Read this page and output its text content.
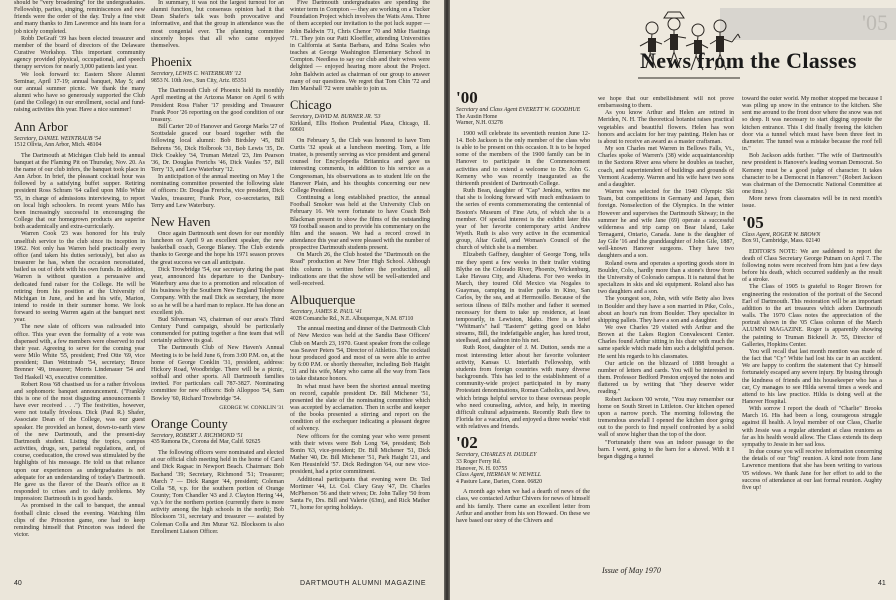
should be "very broadening" for the undergraduates. Fellowship, parties, singing, reminiscences and new friends were the order of the day. Truly a fine visit and many thanks to Jim Lawrence and his team for a job nicely completed.

Robb DeGraff '39 has been elected treasurer and member of the board of directors of the Delaware Curative Workshop. This important community agency provided physical, occupational, and speech therapy services for nearly 3,000 patients last year.

We look forward to: Eastern Shore Alumni Seminar, April 17-19; annual banquet, May 5; and our annual summer picnic. We thank the many alumni who have so generously supported the Club (and the College) in our enrollment, social and fund-raising activities this year. Have a nice summer!

Ann Arbor
Secretary, DANIEL WEINTRAUB '54
1512 Olivia, Ann Arbor, Mich. 48104

The Dartmouth at Michigan Club held its annual banquet at the Flaming Pit on Thursday, Nov. 20. As the name of our club infers, the banquet took place in Ann Arbor. In brief, the pleasant cocktail hour was followed by a satisfying buffet supper. Retiring president Ross Schram '64 called upon Milo White '55, in charge of admissions interviewing, to report on local high schoolers. In recent years Milo has been increasingly successful in encouraging the College that our homegrown products are superior both academically and extra-curricularly.

Warren Cook '23 was honored for his truly unselfish service to the club since its inception in 1962. Not only has Warren held practically every office (and taken his duties seriously), but also as treasurer he has, when the occasion necessitated, bailed us out of debt with his own funds. In addition, Warren is without question a persuasive and dedicated fund raiser for the College. He will be retiring from his position at the University of Michigan in June, and he and his wife, Marion, intend to reside in their summer home. We look forward to seeing Warren again at the banquet next year.

The new slate of officers was railroaded into office. This year even the formality of a vote was dispensed with, a few members were observed to nod their year. Agreeing to serve for the coming year were Milo White '55, president; Fred Otte '69, vice president; Dan Weintraub '54, secretary; Bruce Brenner '49, treasurer; Morris Lindenauer '54 and Ted Haskell '43, executive committee.

Robert Ross '68 chastised us for a rather frivolous and sophomoric banquet announcement. ("Frankly this is one of the most disgusting announcements I have ever received . . .") The festivities, however, were not totally frivolous. Dick (Paul R.) Shafer, Associate Dean of the College, was our guest speaker. He provided an honest, down-to-earth view of the new Dartmouth, and the present-day Dartmouth student. Listing the topics, campus activities, drugs, sex, parietal regulations, and, of course, coeducation, the crowd was stimulated by the highlights of his message. He told us that reliance upon our experiences as undergraduates is not adequate for an understanding of today's Dartmouth. He gave us the flavor of the Dean's office as it responded to crises and to daily problems. My impression: Dartmouth is in good hands.

As promised in the call to banquet, the annual football clinic closed the evening. Watching film clips of the Princeton game, one had to keep reminding himself that Princeton was indeed the victor.

In summary, it was not the largest turnout for an alumni function, but consensus opinion had it that Dean Shafer's talk was both provocative and informative, and that the group in attendance was the most congenial ever. The planning committee sincerely hopes that all who came enjoyed themselves.

Phoenix
Secretary, LEWIS C. WATERBURY '12
9853 N. 10th Ave., Sun City, Ariz. 85351

The Dartmouth Club of Phoenix held its monthly April meeting at the Arizona Manor on April 6 with President Ross Fisher '17 presiding and Treasurer Frank Poor '26 reporting on the good condition of our treasury.

Bill Carter '20 of Hanover and George Marks '27 of Scottsdale graced our board together with the following local alumni: Bob Birdsley '45, Bill Behrens '56, Dick Holbrook '31, Bob Lewis '35, Dr. Dick Coakley '34, Truman Metzel '23, Jim Pearson '36, Dr. Douglas Frerichs '46, Dick Vaules '57, Bill Terry '13, and Lew Waterbury '12.

In anticipation of the annual meeting on May 1 the nominating committee presented the following slate of officers: Dr. Douglas Frerichs, vice president, Dick Vaules, treasurer, Frank Poor, co-secretaries, Bill Terry and Lew Waterbury.

New Haven

Once again Dartmouth sent down for our monthly luncheon on April 9 an excellent speaker, the new basketball coach, George Blaney. The Club extends thanks to George and the hope his 1971 season proves the great success we can all anticipate.

Dick Trowbridge '54, our secretary during the past year, announced his departure to the Danbury-Waterbury area due to a promotion and relocation of his business by the Southern New England Telephone Company. With the mail Dick as secretary, the more so as he will be a hard man to replace. He has done an excellent job.

Bud Silverman '43, chairman of our area's Third Century Fund campaign, should be particularly commended for putting together a fine team that will certainly achieve its goal.

The Dartmouth Club of New Haven's Annual Meeting is to be held June 6, from 3:00 P.M. on, at the home of George Conklin '31, president, address: Hickory Road, Woodbridge. There will be a picnic, softball and other sports. All Dartmouth families invited. For particulars call 787-3827. Nominating committee for new officers: Bob Alloppoo '54, Sam Bowley '60, Richard Trowbridge '54.

GEORGE W. CONKLIN '31
Orange County
Secretary, ROBERT J. RICHMOND '51
435 Ramona Dr., Corona del Mar, Calif. 92625

The following officers were nominated and elected at our official club meeting held in the home of Carol and Dick Ragsac in Newport Beach. Chairman: Bob Bachand '39; Secretary, Richmond '51; Treasurer; March 7 — Dick Ranger '44, president; Coleman Colla '58, v.p. for the southern portion of Orange County; Tom Chandler '43 and J. Clayton Hering '44, v.p.'s for the northern portion (currently there is more activity among the high schools in the north); Bob Blocksom '31, secretary and treasurer — assisted by Coleman Colla and Jim Murar '62. Blocksom is also Enrollment Liaison Officer.

Five Dartmouth undergraduates are spending the winter term in Compton — they are working on a Tucker Foundation Project which involves the Watts Area. Three of them accepted our invitation to the pot luck supper — John Baldwin '71, Chris Chenor '70 and Mike Hastings '71. They join our Patti Kloeffler, attending Universities in California at Santa Barbara, and Edna Scales who teaches at George Washington Elementary School in Compton. Needless to say our club and their wives were delighted — enjoyed hearing more about the Project. John Baldwin acted as chairman of our group to answer many of our questions. We regret that Tom Chin '72 and Jim Marshall '72 were unable to join us.

Chicago
Secretary, DAVID M. BURNER JR. '53
Kirkland, Ellis Hodson Prudential Plaza, Chicago, Ill. 60601

On February 5, the Club was honored to have Tom Curtis '32 speak at a luncheon meeting. Tom, a life trustee, is presently serving as vice president and general counsel for Encyclopedia Britannica and gave us interesting comments, in addition to his service as a Congressman, his observations as to student life on the Hanover Plain, and his thoughts concerning our new College President.

Continuing a long established practice, the annual Football Smoker was held at the University Club on February 16. We were fortunate to have Coach Bob Blackman present to show the films of the outstanding '69 football season and to provide his commentary on the film and the season. We had a record crowd in attendance this year and were pleased with the number of prospective Dartmouth students present.

On March 26, the Club hosted the "Dartmouth on the Road" production at New Trier High School. Although this column is written before the production, all indications are that the show will be well-attended and well-received.

Albuquerque
Secretary, JAMES R. PAUL '41
4028 Comanche Rd., N.E. Albuquerque, N.M. 87110

The annual meeting and dinner of the Dartmouth Club of New Mexico was held at the Sandia Base Officers' Club on March 23, 1970. Guest speaker from the college was Seaver Peters '54, Director of Athletics. The cocktail hour produced good and most of us were able to arrive by 6:00 P.M. or shortly thereafter, including Bob Haight '31 and his wife, Mary who came all the way from Taos to take distance honors.

In what must have been the shortest annual meeting on record, capable president Dr. Bill Michener '51, presented the slate of the nominating committee which was accepted by acclamation. Then in scribe and keeper of the books presented a stirring and report on the condition of the exchequer indicating a pleasant degree of solvency.

New officers for the coming year who were present with their wives were Bob Long '64, president; Bob Bonin '63, vice-president; Dr. Bill Michener '51, Dick Mather '40, Dr. Bill Michener '51, Park Haight '21, and Ken Heusinfeld '57. Dick Redington '64, our new vice-president, had a prior commitment.

Additional participants that evening were Dr. Ted Mortimer '44, Lt. Col. Clary Gray '47, Dr. Charles McPherson '56 and their wives; Dr. John Talley '50 from Santa Fe, Drs. Bill and Valerie (63m), and Rick Mather '71, home for spring holidays.

40	DARTMOUTH ALUMNI MAGAZINE
'05
News from the Classes
'00
Secretary and Class Agent EVERETT W. GOODHUE
The Austin Home
Warner, N.H. 03278

1900 will celebrate its seventieth reunion June 12-14. Bob Jackson is the only member of the class who is able to be present on this occasion. It is to be hoped some of the members of the 1900 family can be in Hanover to participate in the Commencement activities and to extend a welcome to Dr. John G. Kemeny who was recently inaugurated as the thirteenth president of Dartmouth College.

Ruth Bean, daughter of "Cap" Jenkins, writes me that she is looking forward with much enthusiasm to the series of events commemorating the centennial of Boston's Museum of Fine Arts, of which she is a member. Of special interest is the exhibit later this year of her favorite contemporary artist Andrew Wyeth. Ruth is also very active in the ecumenical group, Altar Guild, and Woman's Council of the church of which she is a member.

Elizabeth Gaffney, daughter of George Tong, tells me they spent a few weeks in their trailer visiting Blythe on the Colorado River, Phoenix, Wickenburg, Lake Havasu City, and Altadena. For two weeks in March, they toured Old Mexico via Nogales to Guaymas, camping in trailer parks in Kino, San Carlos, by the sea, and at Hermosillo. Because of the serious illness of Bill's mother and father it seemed necessary for them to take up residence, at least temporarily, in Lewiston, Idaho. Here is a brief "Whitman's" hail "Eastern" getting good on Idaho streams, Bill, the indefatigable angler, has lured trout, steelhead, and salmon into his net.

Ruth Root, daughter of J. M. Dutton, sends me a most interesting letter about her favorite volunteer activity, Kansas U. Interfaith Fellowship, with students from foreign countries with many diverse backgrounds. This has led to the establishment of a community-wide project participated in by many Protestant denominations, Roman Catholics, and Jews, which brings helpful service to these overseas people who need counseling, advice, and help, in meeting difficult cultural adjustments. Recently Ruth flew to Florida for a vacation, and enjoyed a three weeks' visit with relatives and friends.

'02
Secretary, CHARLES H. DUDLEY
33 Roger Ferry Rd.
Hanover, N. H. 03755
Class Agent, HERMAN W. NEWELL
4 Pasture Lane, Darien, Conn. 06820

A month ago when we had a dearth of news of the class, we contacted Arthur Chivers for news of himself and his family. There came an excellent letter from Arthur and another from his son Howard. On these we have based our story of the Chivers and

we hope that our embellishment will not prove embarrassing to them.

As you know Arthur and Helen are retired in Meriden, N. H. The theoretical botanist raises practical vegetables and beautiful flowers. Helen has won honors and acclaim for her tray painting. Helen has or is about to receive an award as a master craftsman.

My son Charles met Warren in Bellows Falls, Vt., Charles spoke of Warren's (38) wide acquaintanceship in the Saxtons River area where he doubles as teacher, coach, and superintendent of buildings and grounds of Vermont Academy. Warren and his wife have two sons and a daughter.

Warren was selected for the 1940 Olympic Ski Team, but competitions in Germany and Japan, then foreign. Nonselection of the Olympics. In the winter However and supervises the Dartmouth Skiway; in the summer he and wife Jane (69) operate a successful wilderness and trip camp on Bear Island, Lake Temagami, Ontario, Canada. Jane is the daughter of Jay Gile '16 and the granddaughter of John Gile, 1887, well-known Hanover surgeons. They have two daughters and a son.

Roland owns and operates a sporting goods store in Boulder, Colo., hardly more than a stone's throw from the University of Colorado campus. It is natural that he specializes in skis and ski equipment. Roland also has two daughters and a son.

The youngest son, John, with wife Betty also lives in Boulder and they have a son married in Pike, Colo., about an hour's run from Boulder. They specialize in shipping pallets. They have a son and a daughter.

We owe Charles '29 visited with Arthur and the Brown at the Lakes Region Convalescent Center. Charles found Arthur sitting in his chair with much the same sparkle which made him such a delightful person. He sent his regards to his classmates.

Our article on the blizzard of 1888 brought a number of letters and cards. You will be interested in them. Professor Bedford Preston enjoyed the notes and flattered us by writing that "they deserve wider reading."

Robert Jackson '00 wrote, "You may remember our home on South Street in Littleton. Our kitchen opened upon a narrow porch. The morning following the tremendous snowfall I opened the kitchen door going out to the porch to find myself confronted by a solid wall of snow higher than the top of the door.

"Fortunately there was an indoor passage to the barn. I went, going to the barn for a shovel. With it I began digging a tunnel

toward the outer world. My mother stopped me because I was piling up snow in the entrance to the kitchen. She sent me around to the front door where the snow was not so deep. It was necessary to start digging opposite the kitchen entrance. This I did finally freeing the kitchen door via a tunnel which must have been three feet in diameter. The tunnel was a mistake because the roof fell in."

Bob Jackson adds further. "The wife of Dartmouth's new president is Hanover's leading woman Democrat. So Kemeny must be a good judge of character. It takes character to be a Democrat in Hanover." (Robert Jackson was chairman of the Democratic National Committee at one time.)

More news from classmates will be in next month's issue.

'05
Class Agent, ROGER W. BROWN
Box 91, Cambridge, Mass. 02140

EDITOR'S NOTE: We are saddened to report the death of Class Secretary George Putnam on April 7. The following notes were received from him just a few days before his death, which occurred suddenly as the result of a stroke.

The Class of 1905 is grateful to Roger Brown for engineering the restoration of the portrait of the Second Earl of Dartmouth. This restoration will be an important addition to the art treasures which adorn Dartmouth walls. The 1970 Class notes the appreciation of the portrait shown in the '05 Class column of the March ALUMNI MAGAZINE. Roger is apparently showing the painting to Truman Bicknell Jr. '55, Director of Galleries, Hopkins Center.

You will recall that last month mention was made of the fact that "Cy" White had lost his car in an accident. We are happy to confirm the statement that Cy himself fortunately escaped any severe injury. By busing through the kindness of friends and his housekeeper who has a car, Cy manages to see Hilda several times a week and attend to his law practice. Hilda is doing well at the Hanover Hospital.

With sorrow I report the death of "Charlie" Brooks March 16. His had been a long, courageous struggle against ill health. A loyal member of our Class, Charlie with Jessie was a regular attendant at class reunions as far as his health would allow. The Class extends its deep sympathy to Jessie in her sad loss.

In due course you will receive information concerning the details of our "big" reunion. A kind note from Jane Lawrence mentions that she has been writing to various '05 widows. We thank Jane for her effort to add to the success of attendance at our last formal reunion. Aughty five up!

Issue of May 1970
41
